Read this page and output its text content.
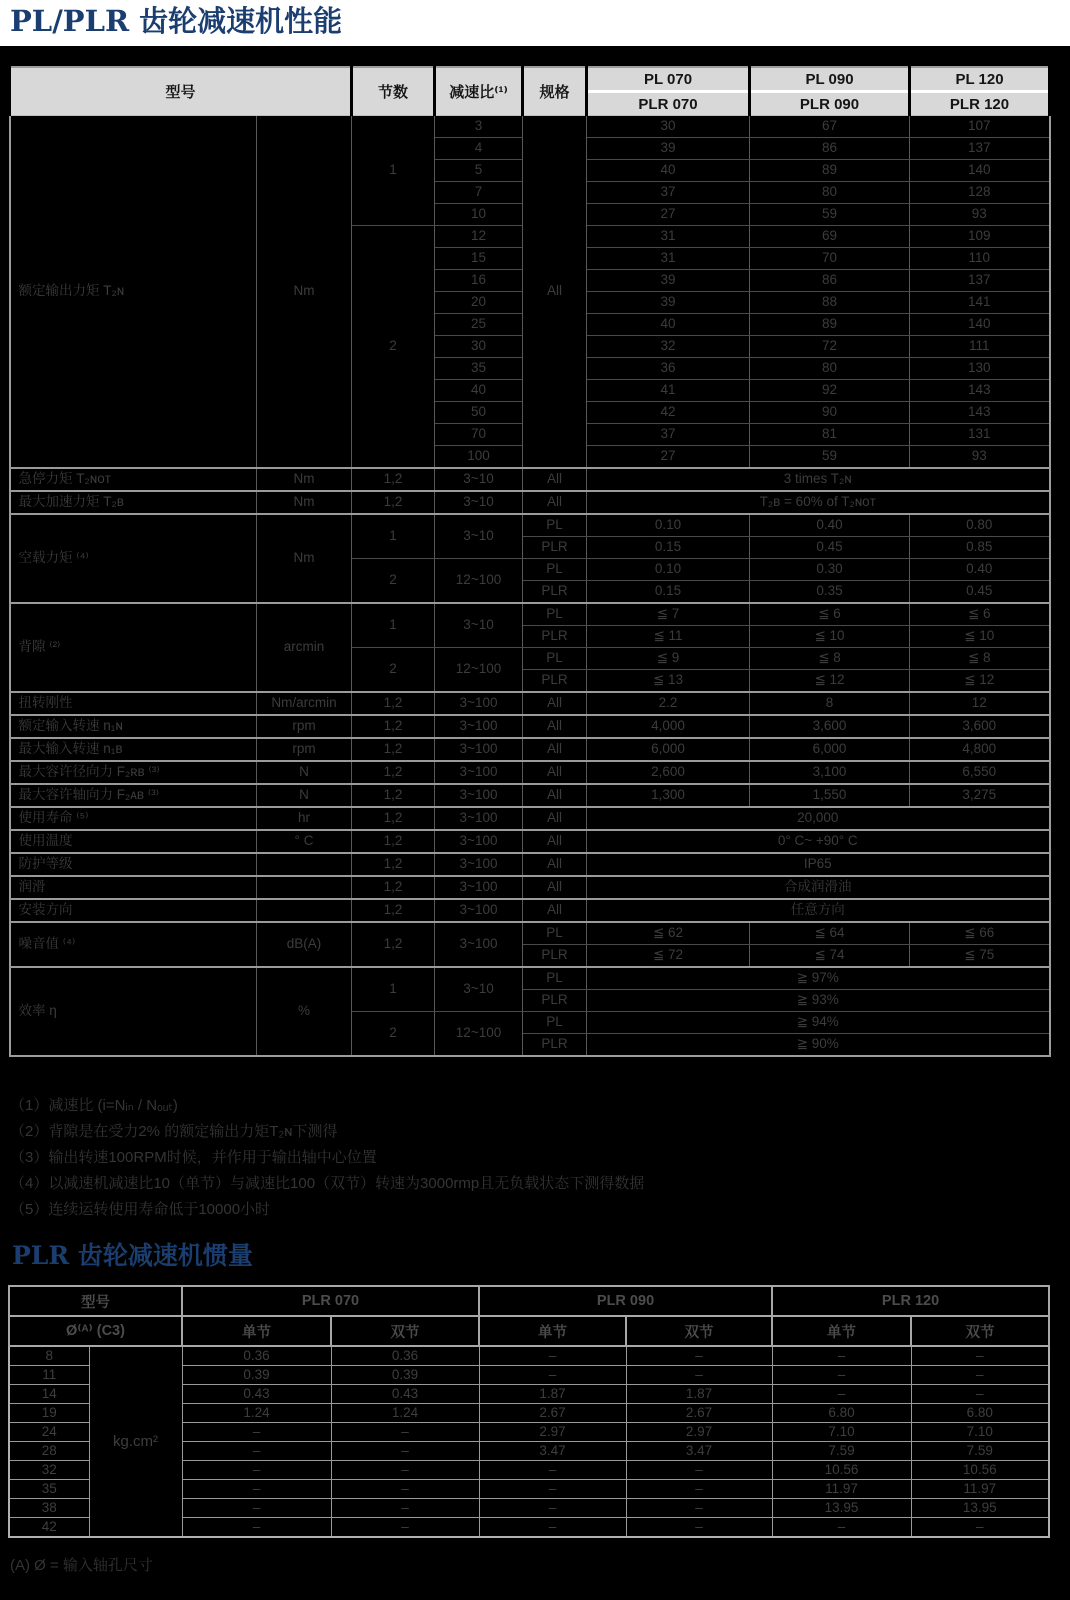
PL/PLR 齿轮减速机性能
型号		节数	减速比⁽¹⁾	规格	PL 070	PL 090	PL 120
					PLR 070	PLR 090	PLR 120
额定输出力矩 T₂ɴ	Nm	1	3	All	30	67	107
			4		39	86	137
			5		40	89	140
			7		37	80	128
			10		27	59	93
		2	12		31	69	109
			15		31	70	110
			16		39	86	137
			20		39	88	141
			25		40	89	140
			30		32	72	111
			35		36	80	130
			40		41	92	143
			50		42	90	143
			70		37	81	131
			100		27	59	93
急停力矩 T₂ɴᴏᴛ	Nm	1,2	3~10	All	3 times T₂ɴ		
最大加速力矩 T₂ʙ	Nm	1,2	3~10	All	T₂ʙ = 60% of T₂ɴᴏᴛ		
空载力矩 ⁽⁴⁾	Nm	1	3~10	PL	0.10	0.40	0.80
				PLR	0.15	0.45	0.85
		2	12~100	PL	0.10	0.30	0.40
				PLR	0.15	0.35	0.45
背隙 ⁽²⁾	arcmin	1	3~10	PL	≦ 7	≦ 6	≦ 6
				PLR	≦ 11	≦ 10	≦ 10
		2	12~100	PL	≦ 9	≦ 8	≦ 8
				PLR	≦ 13	≦ 12	≦ 12
扭转刚性	Nm/arcmin	1,2	3~100	All	2.2	8	12
额定输入转速 n₁ɴ	rpm	1,2	3~100	All	4,000	3,600	3,600
最大输入转速 n₁ʙ	rpm	1,2	3~100	All	6,000	6,000	4,800
最大容许径向力 F₂ʀʙ ⁽³⁾	N	1,2	3~100	All	2,600	3,100	6,550
最大容许轴向力 F₂ᴀʙ ⁽³⁾	N	1,2	3~100	All	1,300	1,550	3,275
使用寿命 ⁽⁵⁾	hr	1,2	3~100	All	20,000		
使用温度	° C	1,2	3~100	All	0° C~ +90° C		
防护等级		1,2	3~100	All	IP65		
润滑		1,2	3~100	All	合成润滑油		
安装方向		1,2	3~100	All	任意方向		
噪音值 ⁽⁴⁾	dB(A)	1,2	3~100	PL	≦ 62	≦ 64	≦ 66
				PLR	≦ 72	≦ 74	≦ 75
效率 η	%	1	3~10	PL	≧ 97%		
				PLR	≧ 93%		
		2	12~100	PL	≧ 94%		
				PLR	≧ 90%		
（1）减速比 (i=Nᵢₙ / Nₒᵤₜ)
（2）背隙是在受力2% 的额定输出力矩T₂ɴ下测得
（3）输出转速100RPM时候，并作用于输出轴中心位置
（4）以减速机减速比10（单节）与减速比100（双节）转速为3000rmp且无负载状态下测得数据
（5）连续运转使用寿命低于10000小时
PLR 齿轮减速机惯量
型号		PLR 070		PLR 090		PLR 120	
Ø⁽ᴬ⁾ (C3)		单节	双节	单节	双节	单节	双节
8	kg.cm²	0.36	0.36	–	–	–	–
11		0.39	0.39	–	–	–	–
14		0.43	0.43	1.87	1.87	–	–
19		1.24	1.24	2.67	2.67	6.80	6.80
24		–	–	2.97	2.97	7.10	7.10
28		–	–	3.47	3.47	7.59	7.59
32		–	–	–	–	10.56	10.56
35		–	–	–	–	11.97	11.97
38		–	–	–	–	13.95	13.95
42		–	–	–	–	–	–
(A) Ø = 输入轴孔尺寸
